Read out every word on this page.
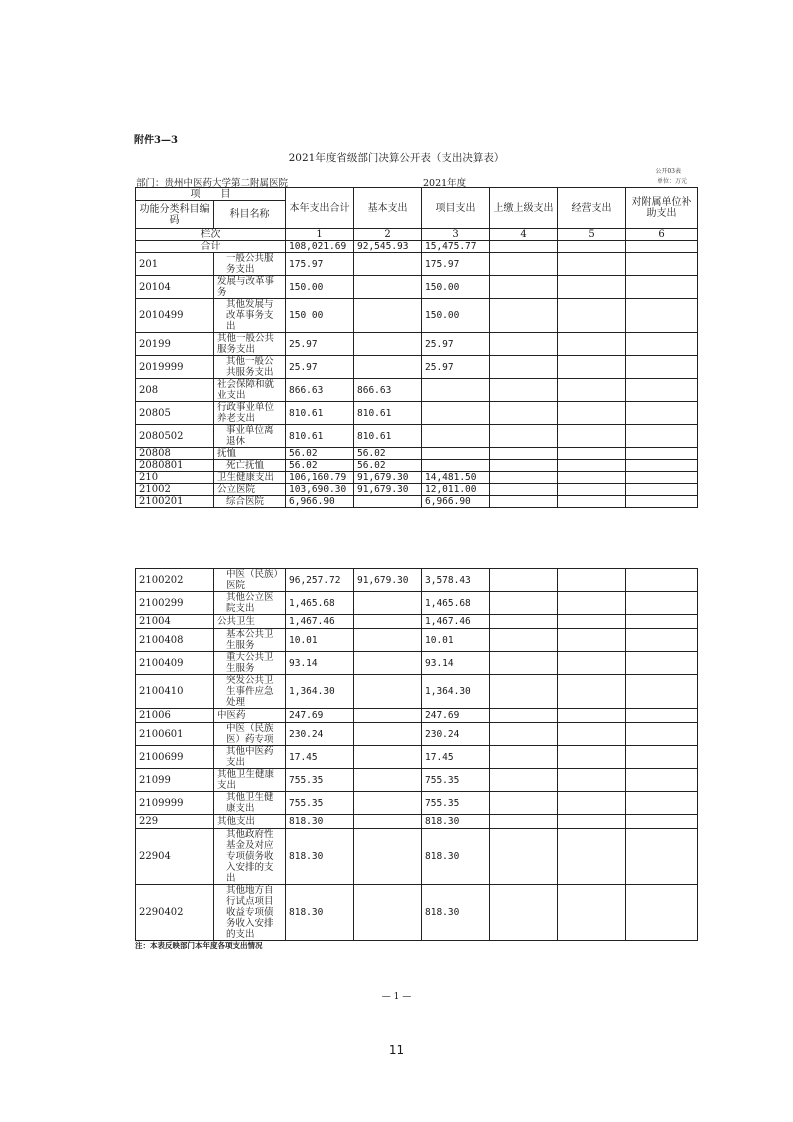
附件3—3
2021年度省级部门决算公开表（支出决算表）
公开03表
部门：贵州中医药大学第二附属医院	2021年度	单位：万元
项　　目		本年支出合计	基本支出	项目支出	上缴上级支出	经营支出	对附属单位补助支出
功能分类科目编码	科目名称						
栏次		1	2	3	4	5	6
合计		108,021.69	92,545.93	15,475.77			
201	一般公共服务支出	175.97		175.97			
20104	发展与改革事务	150.00		150.00			
2010499	其他发展与改革事务支出	150 00		150.00			
20199	其他一般公共服务支出	25.97		25.97			
2019999	其他一般公共服务支出	25.97		25.97			
208	社会保障和就业支出	866.63	866.63				
20805	行政事业单位养老支出	810.61	810.61				
2080502	事业单位离退休	810.61	810.61				
20808	抚恤	56.02	56.02				
2080801	死亡抚恤	56.02	56.02				
210	卫生健康支出	106,160.79	91,679.30	14,481.50			
21002	公立医院	103,690.30	91,679.30	12,011.00			
2100201	综合医院	6,966.90		6,966.90			
2100202	中医（民族）医院	96,257.72	91,679.30	3,578.43			
2100299	其他公立医院支出	1,465.68		1,465.68			
21004	公共卫生	1,467.46		1,467.46			
2100408	基本公共卫生服务	10.01		10.01			
2100409	重大公共卫生服务	93.14		93.14			
2100410	突发公共卫生事件应急处理	1,364.30		1,364.30			
21006	中医药	247.69		247.69			
2100601	中医（民族医）药专项	230.24		230.24			
2100699	其他中医药支出	17.45		17.45			
21099	其他卫生健康支出	755.35		755.35			
2109999	其他卫生健康支出	755.35		755.35			
229	其他支出	818.30		818.30			
22904	其他政府性基金及对应专项债务收入安排的支出	818.30		818.30			
2290402	其他地方自行试点项目收益专项债务收入安排的支出	818.30		818.30			
注：本表反映部门本年度各项支出情况
— 1 —
11
